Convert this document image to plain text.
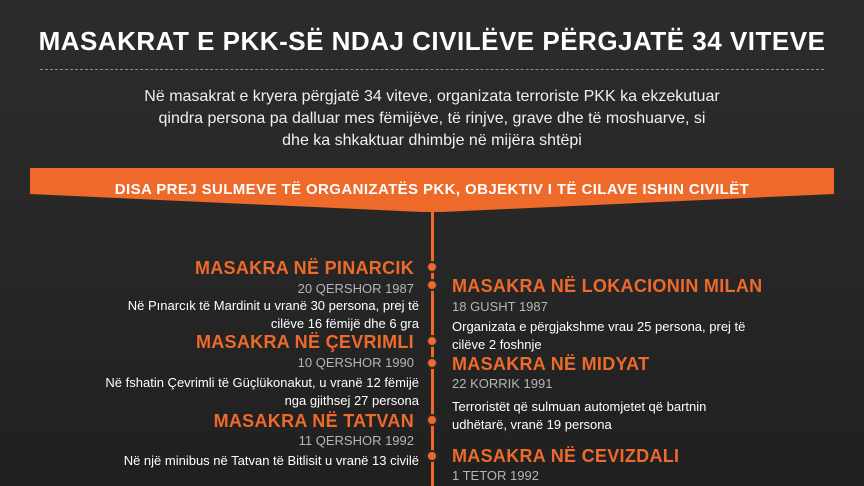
MASAKRAT E PKK-SË NDAJ CIVILËVE PËRGJATË 34 VITEVE
Në masakrat e kryera përgjatë 34 viteve, organizata terroriste PKK ka ekzekutuar
qindra persona pa dalluar mes fëmijëve, të rinjve, grave dhe të moshuarve, si
dhe ka shkaktuar dhimbje në mijëra shtëpi
DISA PREJ SULMEVE TË ORGANIZATËS PKK, OBJEKTIV I TË CILAVE ISHIN CIVILËT
MASAKRA NË PINARCIK
20 QERSHOR 1987
Në Pınarcık të Mardinit u vranë 30 persona, prej të
cilëve 16 fëmijë dhe 6 gra
MASAKRA NË LOKACIONIN MILAN
18 GUSHT 1987
Organizata e përgjakshme vrau 25 persona, prej të
cilëve 2 foshnje
MASAKRA NË ÇEVRIMLI
10 QERSHOR 1990
Në fshatin Çevrimli të Güçlükonakut, u vranë 12 fëmijë
nga gjithsej 27 persona
MASAKRA NË MIDYAT
22 KORRIK 1991
Terroristët që sulmuan automjetet që bartnin
udhëtarë, vranë 19 persona
MASAKRA NË TATVAN
11 QERSHOR 1992
Në një minibus në Tatvan të Bitlisit u vranë 13 civilë MASAKRA NË CEVIZDALI
1 TETOR 1992
